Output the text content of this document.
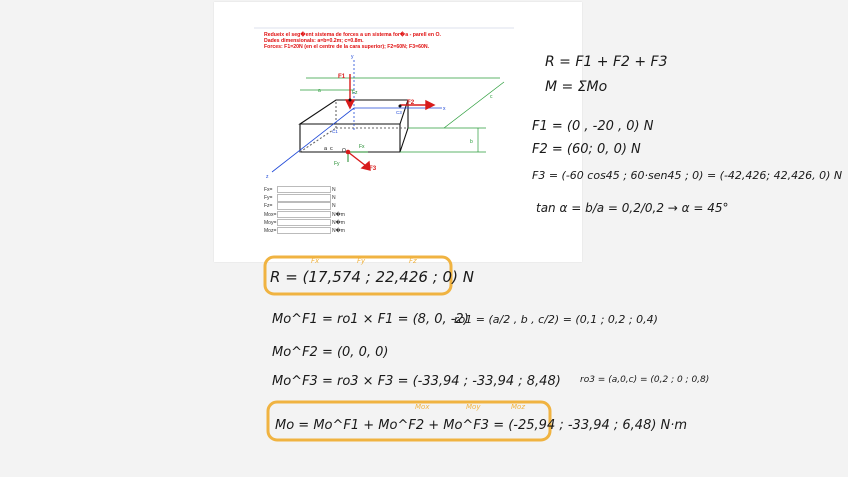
Redueix el seg�ent sistema de forces a un sistema for�a - parell en O.
Dades dimensionals: a=b=0.2m; c=0.8m.
Forces: F1=20N (en el centre de la cara superior); F2=60N; F3=60N.
F1
F2
F3
Fz
Fx
Fy
a
a c
c
b
y
x
z
O
C1
C3
Fx=	N
Fy=	N
Fz=	N
Mox=	N�m
Moy=	N�m
Moz=	N�m
R = F1 + F2 + F3
M = ΣMo
F1 = (0 , -20 , 0) N
F2 = (60; 0, 0) N
F3 = (-60 cos45 ; 60·sen45 ; 0) = (-42,426; 42,426, 0) N
tan α = b/a = 0,2/0,2 → α = 45°
R = (17,574 ; 22,426 ; 0) N
Fx	Fy	Fz
Mo^F1 = ro1 × F1 = (8, 0, -2)
ro1 = (a/2 , b , c/2) = (0,1 ; 0,2 ; 0,4)
Mo^F2 = (0, 0, 0)
Mo^F3 = ro3 × F3 = (-33,94 ; -33,94 ; 8,48) ro3 = (a,0,c) = (0,2 ; 0 ; 0,8)
Mo = Mo^F1 + Mo^F2 + Mo^F3 = (-25,94 ; -33,94 ; 6,48) N·m
Mox	Moy	Moz
